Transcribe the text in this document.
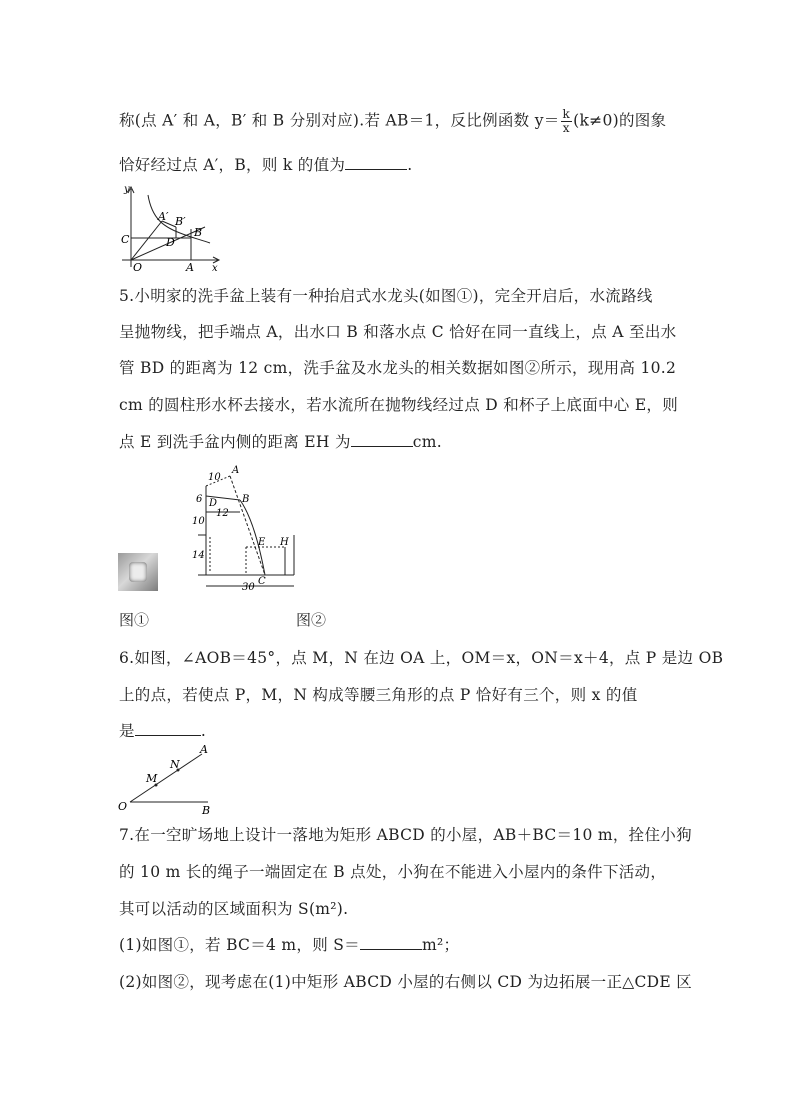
称(点 A′ 和 A，B′ 和 B 分别对应).若 AB＝1，反比例函数 $y= \frac{k}{x} (k\ne 0)$的图象
恰好经过点 A′，B，则 k 的值为	.
y
x
O	A
C	D
B
A′ B′
5.小明家的洗手盆上装有一种抬启式水龙头(如图①)，完全开启后，水流路线
呈抛物线，把手端点 A，出水口 B 和落水点 C 恰好在同一直线上，点 A 至出水
管 BD 的距离为 12 cm，洗手盆及水龙头的相关数据如图②所示，现用高 10.2
cm 的圆柱形水杯去接水，若水流所在抛物线经过点 D 和杯子上底面中心 E，则
点 E 到洗手盆内侧的距离 EH 为	cm.
10
6
10
12
14
30
A
B
D
E H
C
图①	图②
6.如图，∠AOB＝45°，点 M，N 在边 OA 上，OM＝x，ON＝x＋4，点 P 是边 OB
上的点，若使点 P，M，N 构成等腰三角形的点 P 恰好有三个，则 x 的值
是	.
O
A
B
M
N
7.在一空旷场地上设计一落地为矩形 ABCD 的小屋，AB＋BC＝10 m，拴住小狗
的 10 m 长的绳子一端固定在 B 点处，小狗在不能进入小屋内的条件下活动，
其可以活动的区域面积为 S(m²).
(1)如图①，若 BC＝4 m，则 S＝	m²；
(2)如图②，现考虑在(1)中矩形 ABCD 小屋的右侧以 CD 为边拓展一正△CDE 区
